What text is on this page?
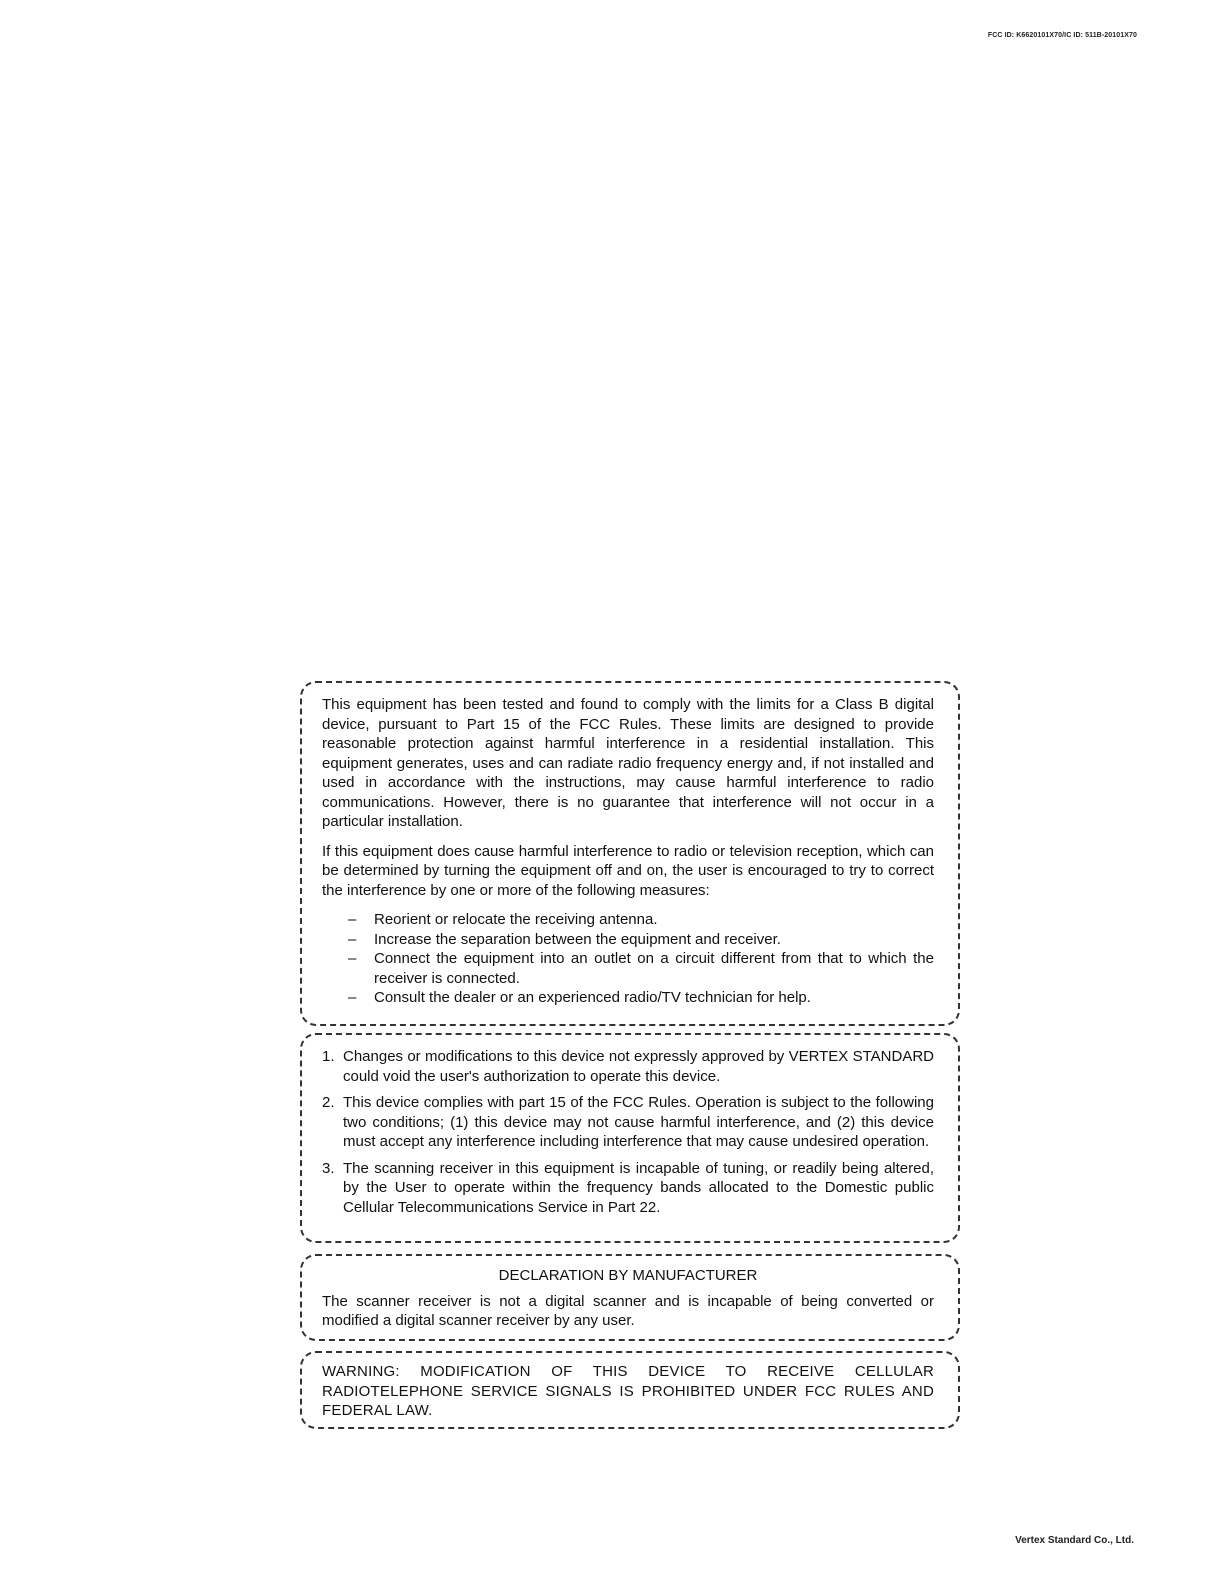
FCC ID: K6620101X70/IC ID: 511B-20101X70

This equipment has been tested and found to comply with the limits for a Class B digital device, pursuant to Part 15 of the FCC Rules. These limits are designed to provide reasonable protection against harmful interference in a residential installation. This equipment generates, uses and can radiate radio frequency energy and, if not installed and used in accordance with the instructions, may cause harmful interference to radio communications. However, there is no guarantee that interference will not occur in a particular installation.

If this equipment does cause harmful interference to radio or television reception, which can be determined by turning the equipment off and on, the user is encouraged to try to correct the interference by one or more of the following measures:

– Reorient or relocate the receiving antenna.
– Increase the separation between the equipment and receiver.
– Connect the equipment into an outlet on a circuit different from that to which the receiver is connected.
– Consult the dealer or an experienced radio/TV technician for help.
1. Changes or modifications to this device not expressly approved by VERTEX STANDARD could void the user's authorization to operate this device.
2. This device complies with part 15 of the FCC Rules. Operation is subject to the following two conditions; (1) this device may not cause harmful interference, and (2) this device must accept any interference including interference that may cause undesired operation.
3. The scanning receiver in this equipment is incapable of tuning, or readily being altered, by the User to operate within the frequency bands allocated to the Domestic public Cellular Telecommunications Service in Part 22.

DECLARATION BY MANUFACTURER

The scanner receiver is not a digital scanner and is incapable of being converted or modified a digital scanner receiver by any user.

WARNING: MODIFICATION OF THIS DEVICE TO RECEIVE CELLULAR RADIOTELEPHONE SERVICE SIGNALS IS PROHIBITED UNDER FCC RULES AND FEDERAL LAW.

Vertex Standard Co., Ltd.
